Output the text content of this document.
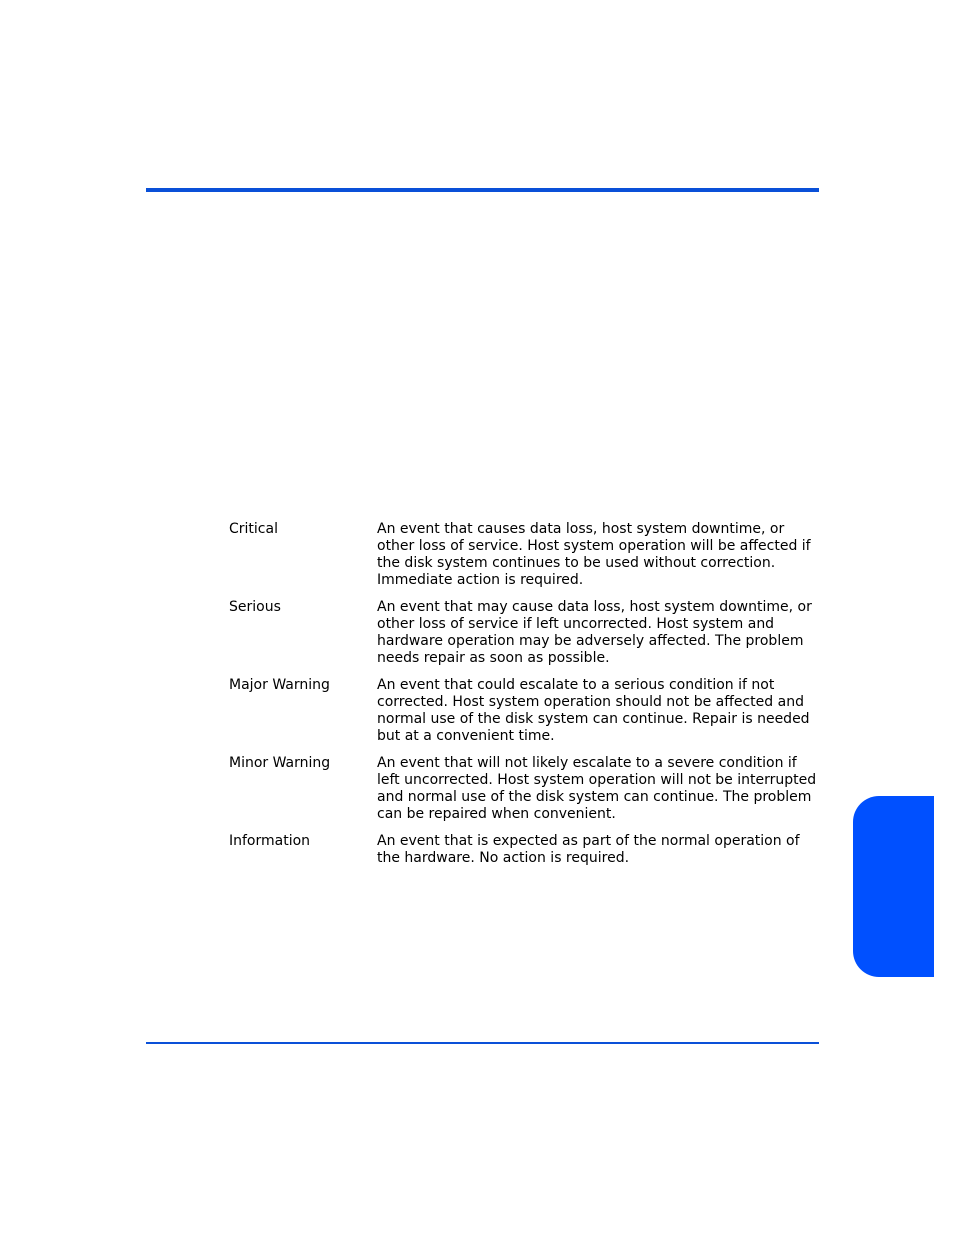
Critical	An event that causes data loss, host system downtime, or other loss of service. Host system operation will be affected if the disk system continues to be used without correction. Immediate action is required.
Serious	An event that may cause data loss, host system downtime, or other loss of service if left uncorrected. Host system and hardware operation may be adversely affected. The problem needs repair as soon as possible.
Major Warning	An event that could escalate to a serious condition if not corrected. Host system operation should not be affected and normal use of the disk system can continue. Repair is needed but at a convenient time.
Minor Warning	An event that will not likely escalate to a severe condition if left uncorrected. Host system operation will not be interrupted and normal use of the disk system can continue. The problem can be repaired when convenient.
Information	An event that is expected as part of the normal operation of the hardware. No action is required.
